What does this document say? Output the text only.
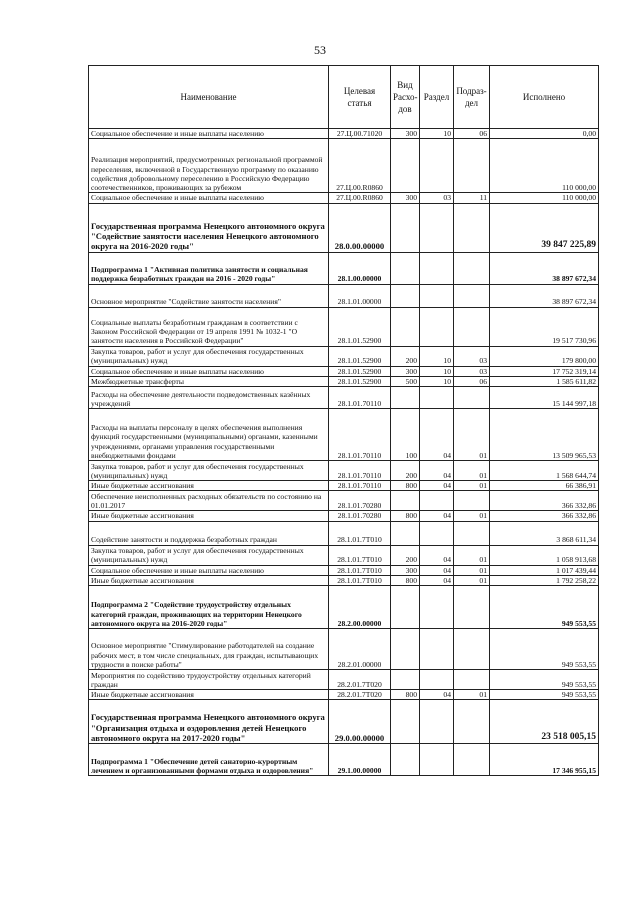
53
Наименование	Целевая статья	Вид Расхо-дов	Раздел	Подраз-дел	Исполнено
Социальное обеспечение и иные выплаты населению	27.Ц.00.71020	300	10	06	0,00
Реализация мероприятий, предусмотренных региональной программой переселения, включенной в Государственную программу по оказанию содействия добровольному переселению в Российскую Федерацию соотечественников, проживающих за рубежом	27.Ц.00.R0860				110 000,00
Социальное обеспечение и иные выплаты населению	27.Ц.00.R0860	300	03	11	110 000,00
Государственная программа Ненецкого автономного округа "Содействие занятости населения Ненецкого автономного округа на 2016-2020 годы"	28.0.00.00000				39 847 225,89
Подпрограмма 1 "Активная политика занятости и социальная поддержка безработных граждан на 2016 - 2020 годы"	28.1.00.00000				38 897 672,34
Основное мероприятие "Содействие занятости населения"	28.1.01.00000				38 897 672,34
Социальные выплаты безработным гражданам в соответствии с Законом Российской Федерации от 19 апреля 1991 № 1032-1 "О занятости населения в Российской Федерации"	28.1.01.52900				19 517 730,96
Закупка товаров, работ и услуг для обеспечения государственных (муниципальных) нужд	28.1.01.52900	200	10	03	179 800,00
Социальное обеспечение и иные выплаты населению	28.1.01.52900	300	10	03	17 752 319,14
Межбюджетные трансферты	28.1.01.52900	500	10	06	1 585 611,82
Расходы на обеспечение деятельности подведомственных казённых учреждений	28.1.01.70110				15 144 997,18
Расходы на выплаты персоналу в целях обеспечения выполнения функций государственными (муниципальными) органами, казенными учреждениями, органами управления государственными внебюджетными фондами	28.1.01.70110	100	04	01	13 509 965,53
Закупка товаров, работ и услуг для обеспечения государственных (муниципальных) нужд	28.1.01.70110	200	04	01	1 568 644,74
Иные бюджетные ассигнования	28.1.01.70110	800	04	01	66 386,91
Обеспечение неисполненных расходных обязательств по состоянию на 01.01.2017	28.1.01.70280				366 332,86
Иные бюджетные ассигнования	28.1.01.70280	800	04	01	366 332,86
Содействие занятости и поддержка безработных граждан	28.1.01.7Т010				3 868 611,34
Закупка товаров, работ и услуг для обеспечения государственных (муниципальных) нужд	28.1.01.7Т010	200	04	01	1 058 913,68
Социальное обеспечение и иные выплаты населению	28.1.01.7Т010	300	04	01	1 017 439,44
Иные бюджетные ассигнования	28.1.01.7Т010	800	04	01	1 792 258,22
Подпрограмма 2 "Содействие трудоустройству отдельных категорий граждан, проживающих на территории Ненецкого автономного округа на 2016-2020 годы"	28.2.00.00000				949 553,55
Основное мероприятие "Стимулирование работодателей на создание рабочих мест, в том числе специальных, для граждан, испытывающих трудности в поиске работы"	28.2.01.00000				949 553,55
Мероприятия по содействию трудоустройству отдельных категорий граждан	28.2.01.7Т020				949 553,55
Иные бюджетные ассигнования	28.2.01.7Т020	800	04	01	949 553,55
Государственная программа Ненецкого автономного округа "Организация отдыха и оздоровления детей Ненецкого автономного округа на 2017-2020 годы"	29.0.00.00000				23 518 005,15
Подпрограмма 1 "Обеспечение детей санаторно-курортным лечением и организованными формами отдыха и оздоровления"	29.1.00.00000				17 346 955,15
